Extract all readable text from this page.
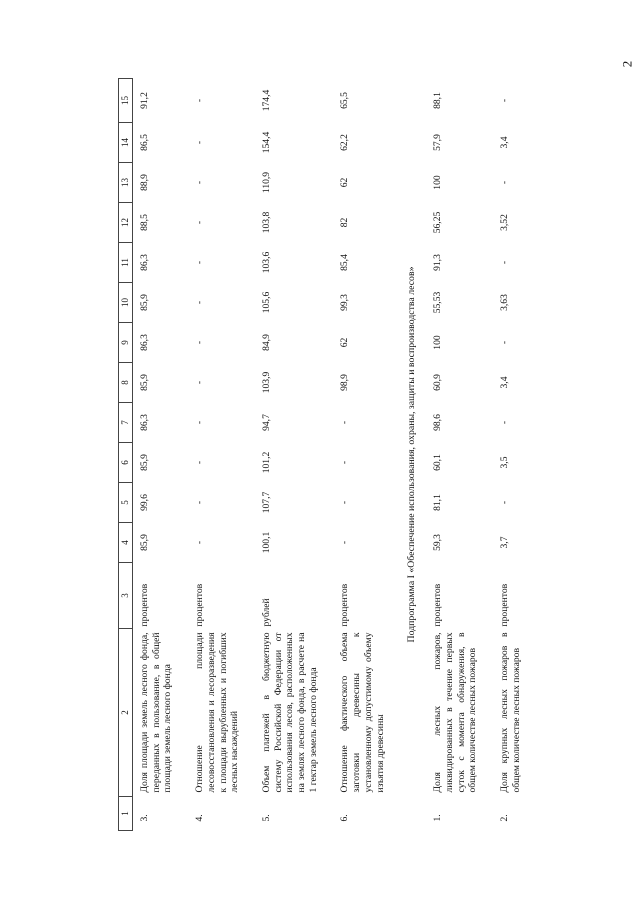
2
1	2	3	4	5	6	7	8	9	10	11	12	13	14	15
3.	Доля площади земель лесного фонда, переданных в пользование, в общей площади земель лесного фонда	процентов	85,9	99,6	85,9	86,3	85,9	86,3	85,9	86,3	88,5	88,9	86,5	91,2
4.	Отношение площади лесовосстановления и лесоразведения к площади вырубленных и погибших лесных насаждений	процентов	-	-	-	-	-	-	-	-	-	-	-	-
5.	Объем платежей в бюджетную систему Российской Федерации от использования лесов, расположенных на землях лесного фонда, в расчете на 1 гектар земель лесного фонда	рублей	100,1	107,7	101,2	94,7	103,9	84,9	105,6	103,6	103,8	110,9	154,4	174,4
6.	Отношение фактического объема заготовки древесины к установленному допустимому объему изъятия древесины	процентов	-	-	-	-	98,9	62	99,3	85,4	82	62	62,2	65,5
Подпрограмма I «Обеспечение использования, охраны, защиты и воспроизводства лесов»														
1.	Доля лесных пожаров, ликвидированных в течение первых суток с момента обнаружения, в общем количестве лесных пожаров	процентов	59,3	81,1	60,1	98,6	60,9	100	55,53	91,3	56,25	100	57,9	88,1
2.	Доля крупных лесных пожаров в общем количестве лесных пожаров	процентов	3,7	-	3,5	-	3,4	-	3,63	-	3,52	-	3,4	-
